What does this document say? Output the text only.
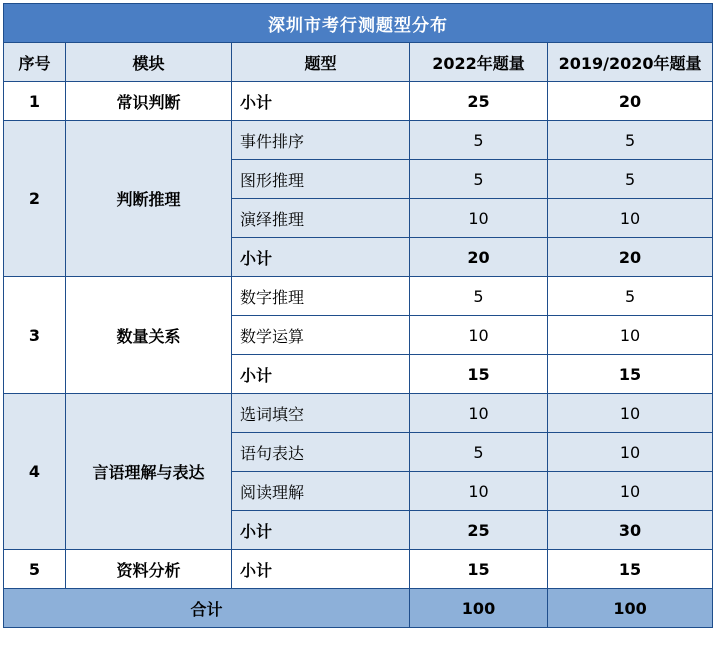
深圳市考行测题型分布				
序号	模块	题型	2022年题量	2019/2020年题量
1	常识判断	小计	25	20
2	判断推理	事件排序	5	5
		图形推理	5	5
		演绎推理	10	10
		小计	20	20
3	数量关系	数字推理	5	5
		数学运算	10	10
		小计	15	15
4	言语理解与表达	选词填空	10	10
		语句表达	5	10
		阅读理解	10	10
		小计	25	30
5	资料分析	小计	15	15
合计			100	100
